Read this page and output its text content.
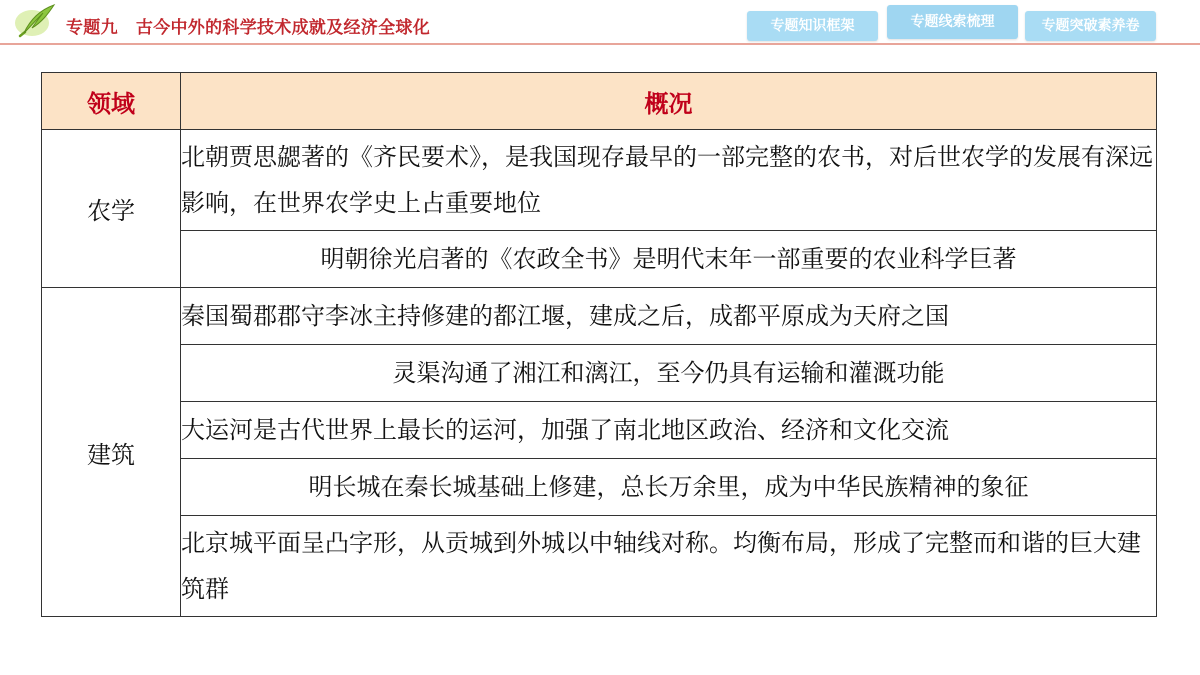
专题九 古今中外的科学技术成就及经济全球化	专题知识框架	专题线索梳理	专题突破素养卷
领域	概况
农学	北朝贾思勰著的《齐民要术》，是我国现存最早的一部完整的农书，对后世农学的发展有深远影响，在世界农学史上占重要地位
	明朝徐光启著的《农政全书》是明代末年一部重要的农业科学巨著
建筑	秦国蜀郡郡守李冰主持修建的都江堰，建成之后，成都平原成为天府之国
	灵渠沟通了湘江和漓江，至今仍具有运输和灌溉功能
	大运河是古代世界上最长的运河，加强了南北地区政治、经济和文化交流
	明长城在秦长城基础上修建，总长万余里，成为中华民族精神的象征
	北京城平面呈凸字形，从贡城到外城以中轴线对称。均衡布局，形成了完整而和谐的巨大建筑群
